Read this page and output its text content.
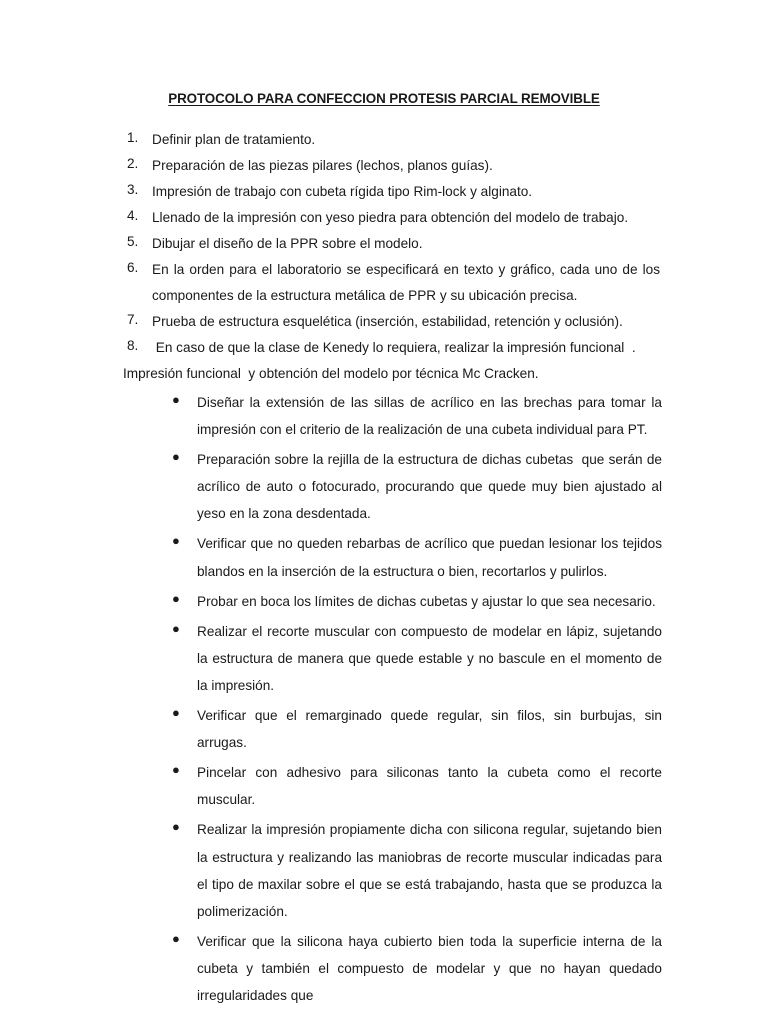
PROTOCOLO PARA CONFECCION PROTESIS PARCIAL REMOVIBLE
1.	Definir plan de tratamiento.
2.	Preparación de las piezas pilares (lechos, planos guías).
3.	Impresión de trabajo con cubeta rígida tipo Rim-lock y alginato.
4.	Llenado de la impresión con yeso piedra para obtención del modelo de trabajo.
5.	Dibujar el diseño de la PPR sobre el modelo.
6.	En la orden para el laboratorio se especificará en texto y gráfico, cada uno de los componentes de la estructura metálica de PPR y su ubicación precisa.
7.	Prueba de estructura esquelética (inserción, estabilidad, retención y oclusión).
8.	En caso de que la clase de Kenedy lo requiera, realizar la impresión funcional  .
Impresión funcional  y obtención del modelo por técnica Mc Cracken.
● Diseñar la extensión de las sillas de acrílico en las brechas para tomar la impresión con el criterio de la realización de una cubeta individual para PT.
● Preparación sobre la rejilla de la estructura de dichas cubetas  que serán de acrílico de auto o fotocurado, procurando que quede muy bien ajustado al yeso en la zona desdentada.
● Verificar que no queden rebarbas de acrílico que puedan lesionar los tejidos blandos en la inserción de la estructura o bien, recortarlos y pulirlos.
● Probar en boca los límites de dichas cubetas y ajustar lo que sea necesario.
● Realizar el recorte muscular con compuesto de modelar en lápiz, sujetando la estructura de manera que quede estable y no bascule en el momento de la impresión.
● Verificar que el remarginado quede regular, sin filos, sin burbujas, sin arrugas.
● Pincelar con adhesivo para siliconas tanto la cubeta como el recorte muscular.
● Realizar la impresión propiamente dicha con silicona regular, sujetando bien la estructura y realizando las maniobras de recorte muscular indicadas para el tipo de maxilar sobre el que se está trabajando, hasta que se produzca la polimerización.
● Verificar que la silicona haya cubierto bien toda la superficie interna de la cubeta y también el compuesto de modelar y que no hayan quedado irregularidades que
